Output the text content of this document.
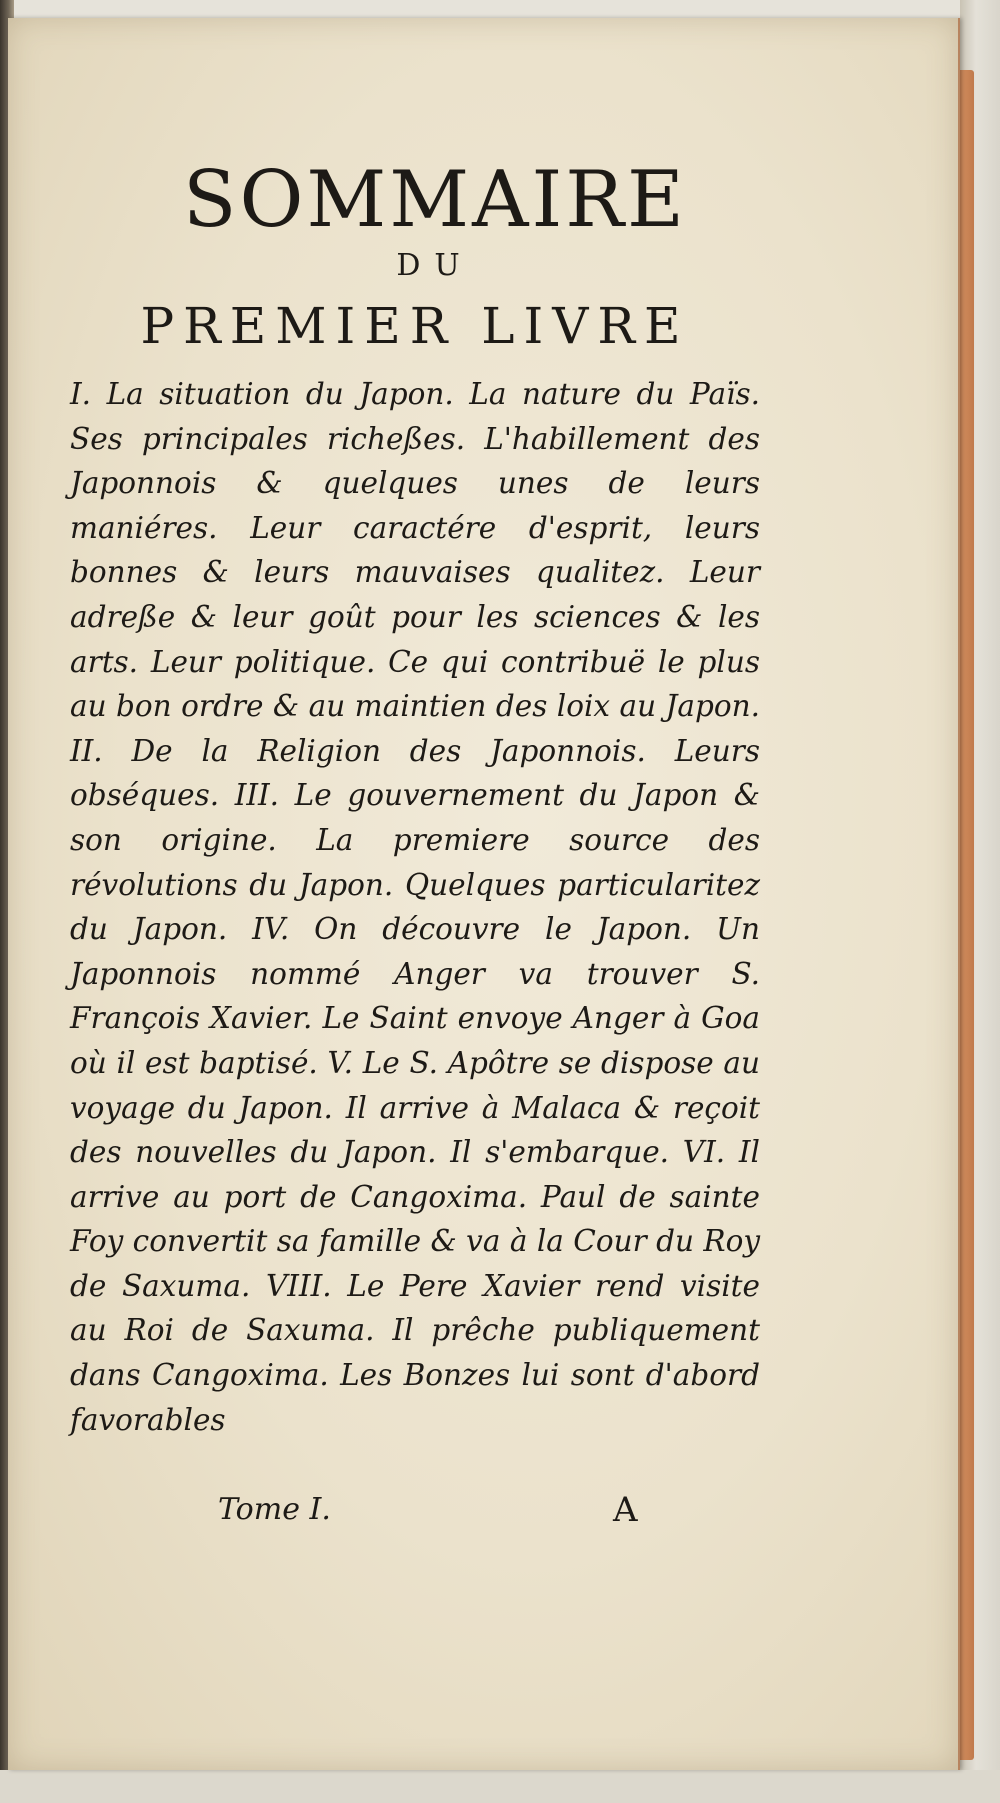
SOMMAIRE
DU
PREMIER LIVRE

I. La situation du Japon. La nature du Païs. Ses principales richeßes. L'habillement des Japonnois & quelques unes de leurs maniéres. Leur caractére d'esprit, leurs bonnes & leurs mauvaises qualitez. Leur adreße & leur goût pour les sciences & les arts. Leur politique. Ce qui contribuë le plus au bon ordre & au maintien des loix au Japon. II. De la Religion des Japonnois. Leurs obséques. III. Le gouvernement du Japon & son origine. La premiere source des révolutions du Japon. Quelques particularitez du Japon. IV. On découvre le Japon. Un Japonnois nommé Anger va trouver S. François Xavier. Le Saint envoye Anger à Goa où il est baptisé. V. Le S. Apôtre se dispose au voyage du Japon. Il arrive à Malaca & reçoit des nouvelles du Japon. Il s'embarque. VI. Il arrive au port de Cangoxima. Paul de sainte Foy convertit sa famille & va à la Cour du Roy de Saxuma. VIII. Le Pere Xavier rend visite au Roi de Saxuma. Il prêche publiquement dans Cangoxima. Les Bonzes lui sont d'abord favorables

Tome I.	A
